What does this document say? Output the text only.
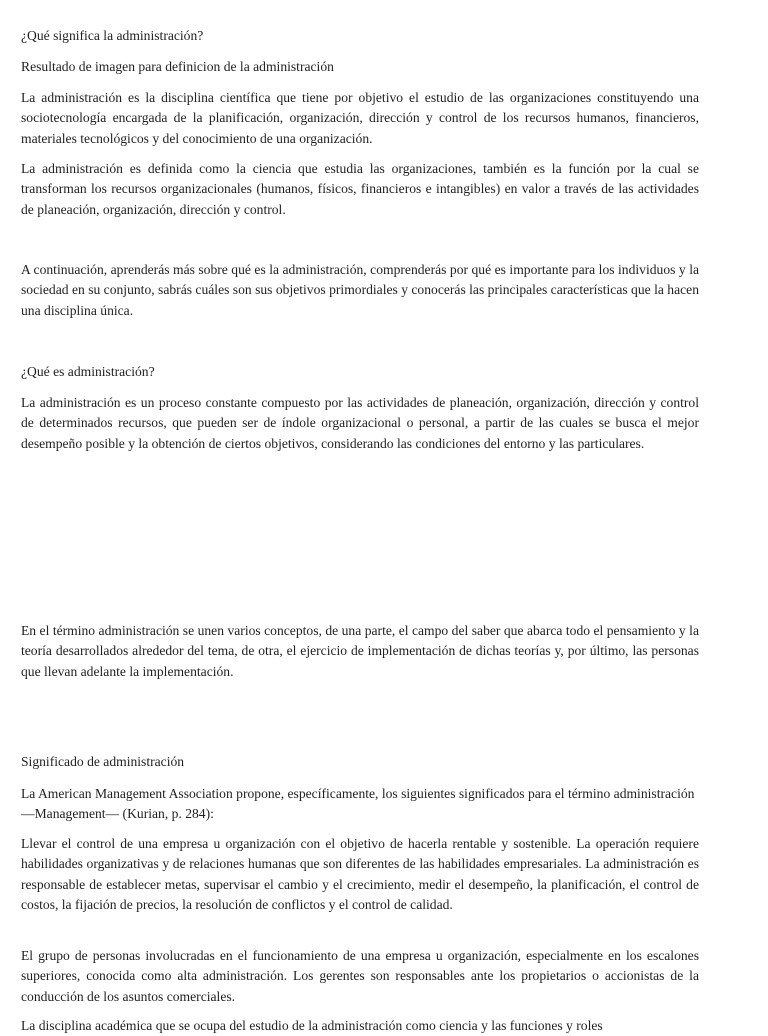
¿Qué significa la administración?

Resultado de imagen para definicion de la administración

La administración es la disciplina científica que tiene por objetivo el estudio de las organizaciones constituyendo una sociotecnología encargada de la planificación, organización, dirección y control de los recursos humanos, financieros, materiales tecnológicos y del conocimiento de una organización.

La administración es definida como la ciencia que estudia las organizaciones, también es la función por la cual se transforman los recursos organizacionales (humanos, físicos, financieros e intangibles) en valor a través de las actividades de planeación, organización, dirección y control.

A continuación, aprenderás más sobre qué es la administración, comprenderás por qué es importante para los individuos y la sociedad en su conjunto, sabrás cuáles son sus objetivos primordiales y conocerás las principales características que la hacen una disciplina única.

¿Qué es administración?

La administración es un proceso constante compuesto por las actividades de planeación, organización, dirección y control de determinados recursos, que pueden ser de índole organizacional o personal, a partir de las cuales se busca el mejor desempeño posible y la obtención de ciertos objetivos, considerando las condiciones del entorno y las particulares.

En el término administración se unen varios conceptos, de una parte, el campo del saber que abarca todo el pensamiento y la teoría desarrollados alrededor del tema, de otra, el ejercicio de implementación de dichas teorías y, por último, las personas que llevan adelante la implementación.

Significado de administración

La American Management Association propone, específicamente, los siguientes significados para el término administración —Management— (Kurian, p. 284):

Llevar el control de una empresa u organización con el objetivo de hacerla rentable y sostenible. La operación requiere habilidades organizativas y de relaciones humanas que son diferentes de las habilidades empresariales. La administración es responsable de establecer metas, supervisar el cambio y el crecimiento, medir el desempeño, la planificación, el control de costos, la fijación de precios, la resolución de conflictos y el control de calidad.

El grupo de personas involucradas en el funcionamiento de una empresa u organización, especialmente en los escalones superiores, conocida como alta administración. Los gerentes son responsables ante los propietarios o accionistas de la conducción de los asuntos comerciales.

La disciplina académica que se ocupa del estudio de la administración como ciencia y las funciones y roles
